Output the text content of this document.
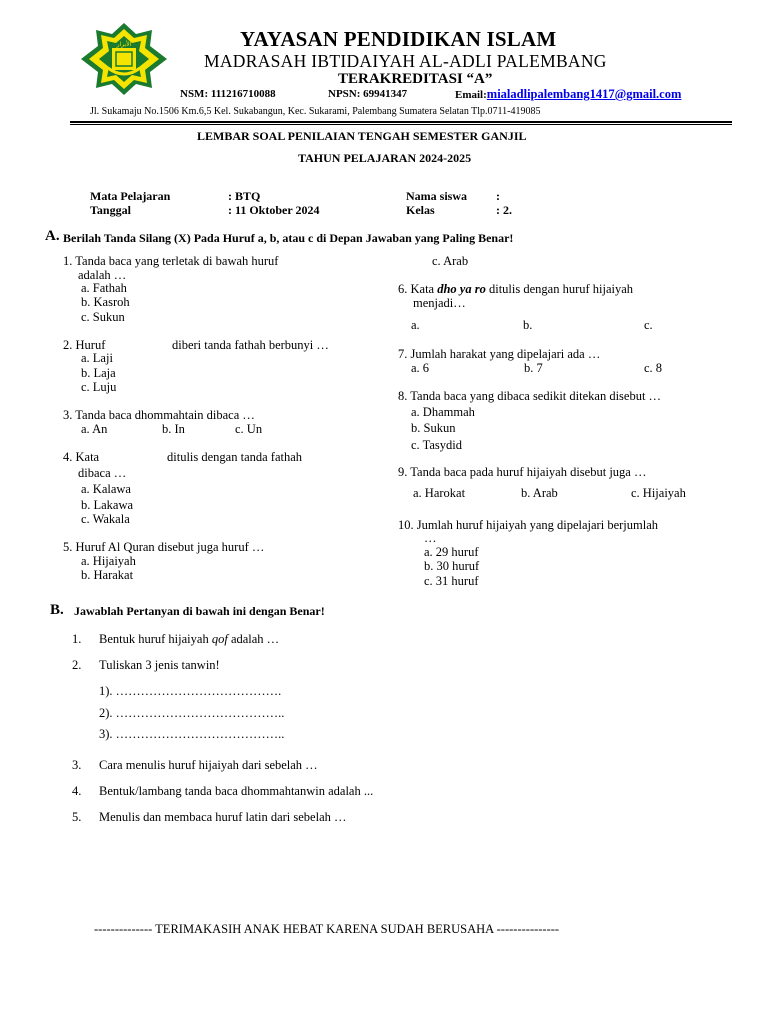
الأبرار	YAYASAN PENDIDIKAN ISLAM
MADRASAH IBTIDAIYAH AL-ADLI PALEMBANG
TERAKREDITASI “A”
NSM: 111216710088	NPSN: 69941347	Email:mialadlipalembang1417@gmail.com
Jl. Sukamaju No.1506 Km.6,5 Kel. Sukabangun, Kec. Sukarami, Palembang Sumatera Selatan Tlp.0711-419085
LEMBAR SOAL PENILAIAN TENGAH SEMESTER GANJIL
TAHUN PELAJARAN 2024-2025
Mata Pelajaran	: BTQ
Tanggal	: 11 Oktober 2024
Nama siswa :
Kelas	: 2.
A. Berilah Tanda Silang (X) Pada Huruf a, b, atau c di Depan Jawaban yang Paling Benar!
1. Tanda baca yang terletak di bawah huruf
adalah …
a. Fathah
b. Kasroh
c. Sukun
2. Huruf	diberi tanda fathah berbunyi …
a. Laji
b. Laja
c. Luju
3. Tanda baca dhommahtain dibaca …
a. An	b. In	c. Un
4. Kata	ditulis dengan tanda fathah
dibaca …
a. Kalawa
b. Lakawa
c. Wakala
5. Huruf Al Quran disebut juga huruf …
a. Hijaiyah
b. Harakat
c. Arab
6. Kata dho ya ro ditulis dengan huruf hijaiyah
menjadi…
a.	b.	c.
7. Jumlah harakat yang dipelajari ada …
a. 6	b. 7	c. 8
8. Tanda baca yang dibaca sedikit ditekan disebut …
a. Dhammah
b. Sukun
c. Tasydid
9. Tanda baca pada huruf hijaiyah disebut juga …
a. Harokat	b. Arab	c. Hijaiyah
10. Jumlah huruf hijaiyah yang dipelajari berjumlah
…
a. 29 huruf
b. 30 huruf
c. 31 huruf
B. Jawablah Pertanyan di bawah ini dengan Benar!
1. Bentuk huruf hijaiyah qof adalah …
2. Tuliskan 3 jenis tanwin!
1). ………………………………….
2). …………………………………..
3). …………………………………..
3. Cara menulis huruf hijaiyah dari sebelah …
4. Bentuk/lambang tanda baca dhommahtanwin adalah ...
5. Menulis dan membaca huruf latin dari sebelah …
-------------- TERIMAKASIH ANAK HEBAT KARENA SUDAH BERUSAHA ---------------
